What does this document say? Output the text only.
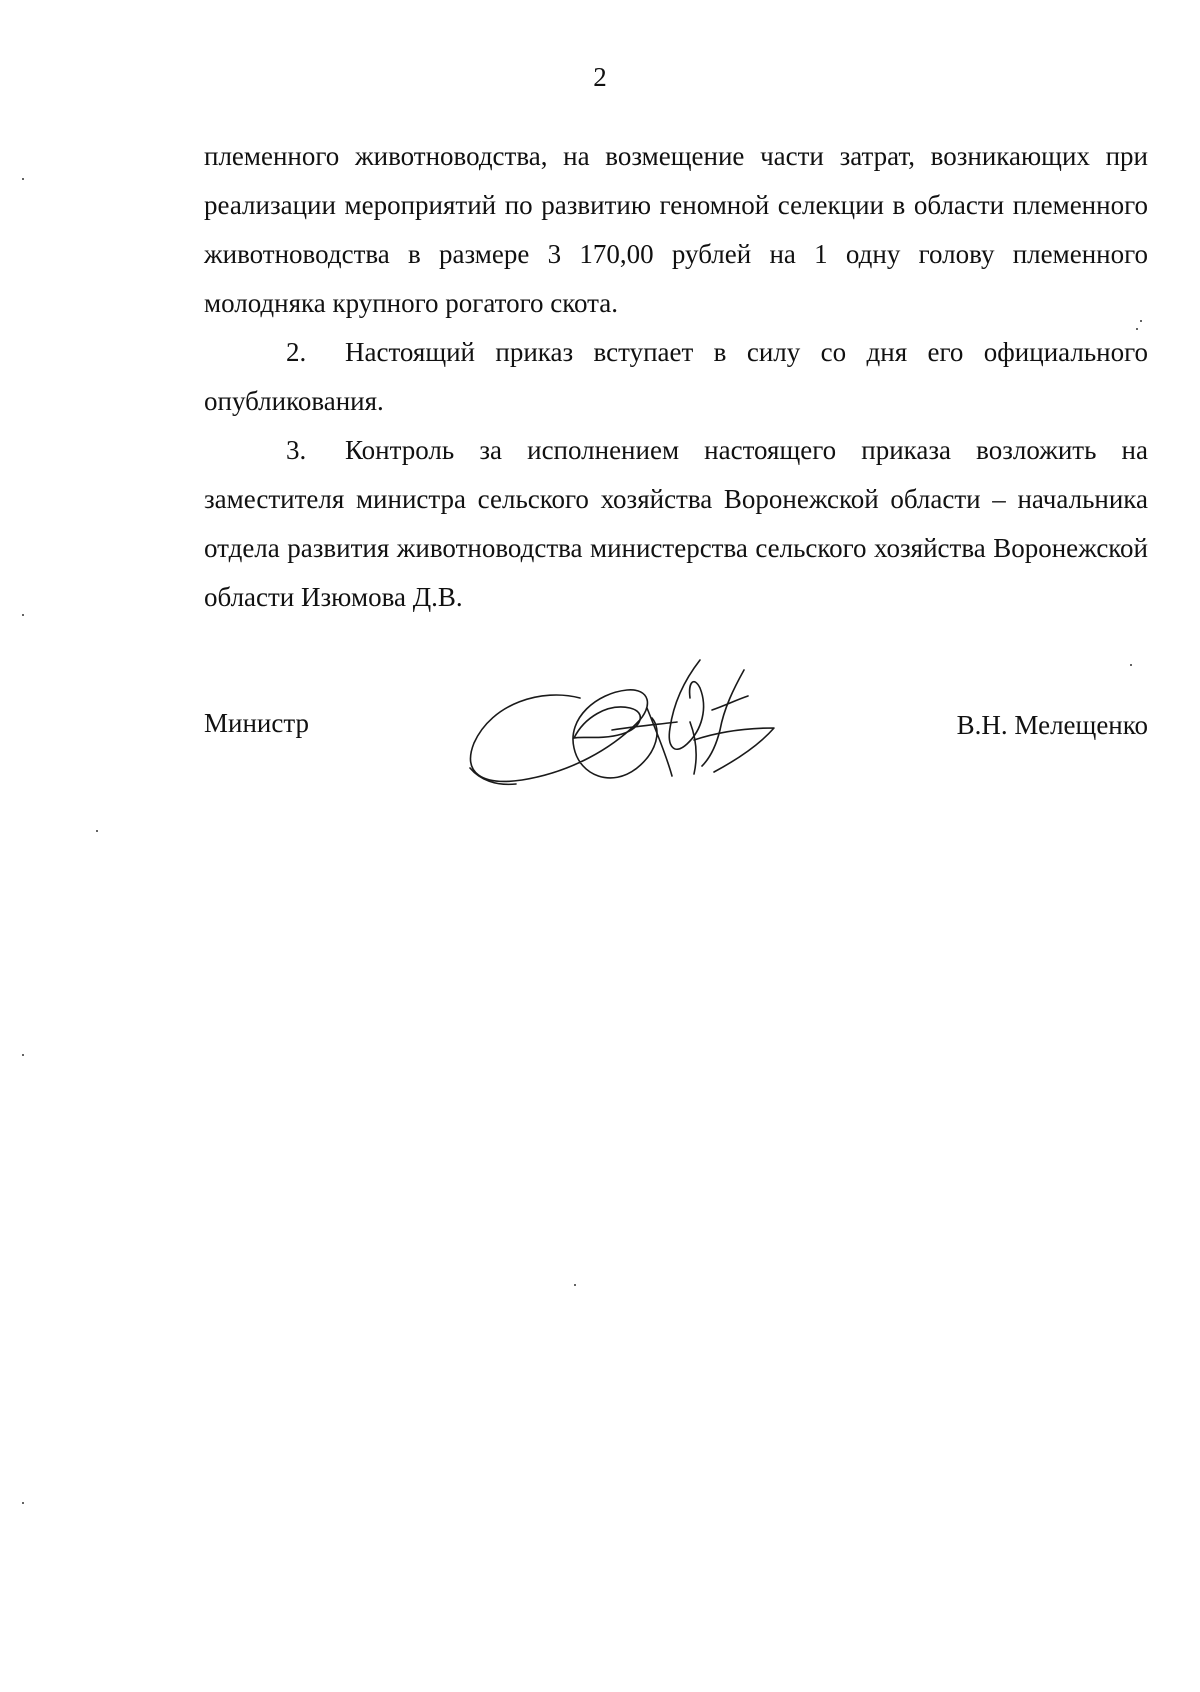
2

племенного животноводства, на возмещение части затрат, возникающих при реализации мероприятий по развитию геномной селекции в области племенного животноводства в размере 3 170,00 рублей на 1 одну голову племенного молодняка крупного рогатого скота.

2. Настоящий приказ вступает в силу со дня его официального опубликования.

3. Контроль за исполнением настоящего приказа возложить на заместителя министра сельского хозяйства Воронежской области – начальника отдела развития животноводства министерства сельского хозяйства Воронежской области Изюмова Д.В.

Министр	В.Н. Мелещенко
